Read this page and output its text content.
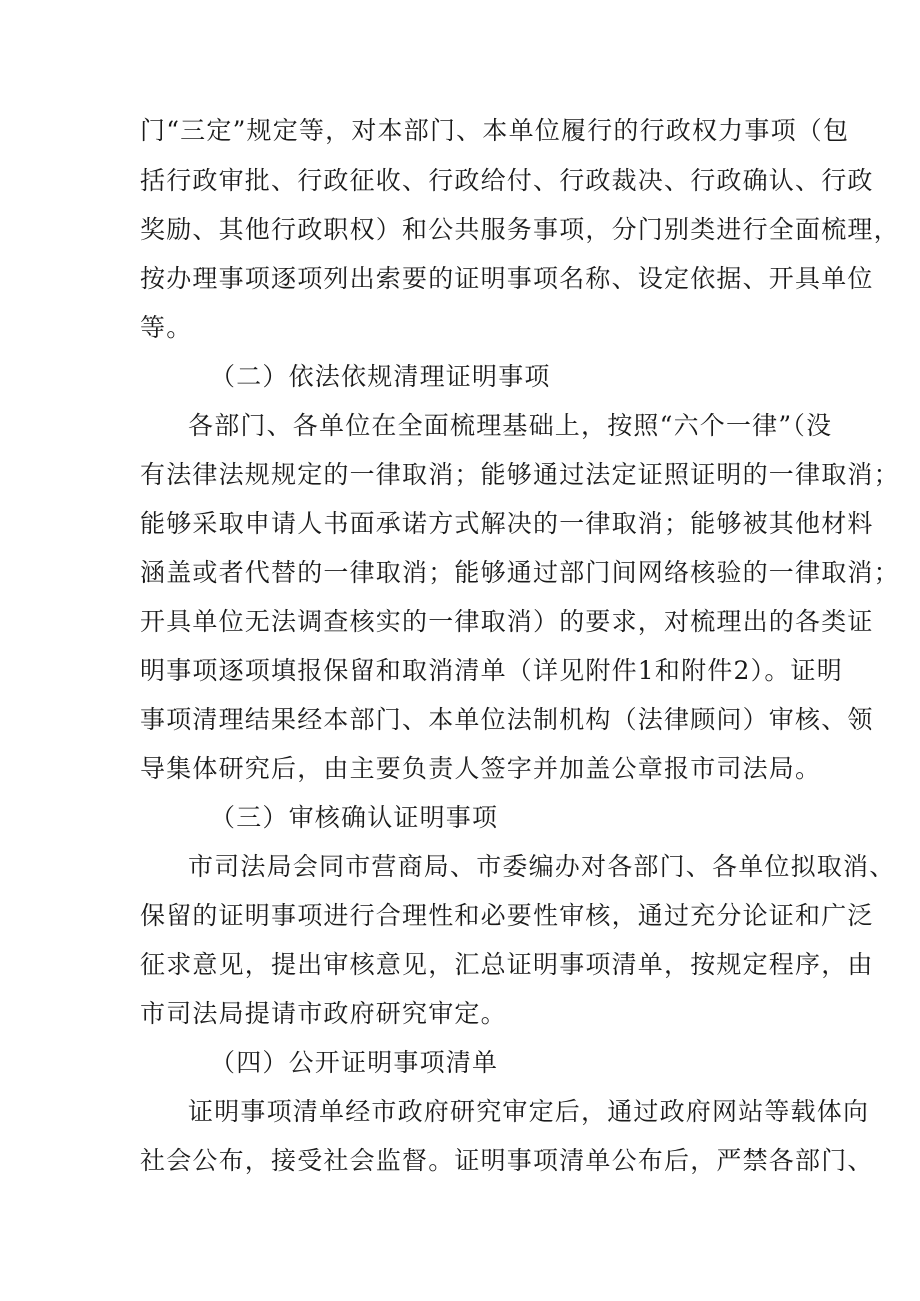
门“三定”规定等，对本部门、本单位履行的行政权力事项（包
括行政审批、行政征收、行政给付、行政裁决、行政确认、行政
奖励、其他行政职权）和公共服务事项，分门别类进行全面梳理，
按办理事项逐项列出索要的证明事项名称、设定依据、开具单位
等。
（二）依法依规清理证明事项
各部门、各单位在全面梳理基础上，按照“六个一律”（没
有法律法规规定的一律取消；能够通过法定证照证明的一律取消；
能够采取申请人书面承诺方式解决的一律取消；能够被其他材料
涵盖或者代替的一律取消；能够通过部门间网络核验的一律取消；
开具单位无法调查核实的一律取消）的要求，对梳理出的各类证
明事项逐项填报保留和取消清单（详见附件1和附件2）。证明
事项清理结果经本部门、本单位法制机构（法律顾问）审核、领
导集体研究后，由主要负责人签字并加盖公章报市司法局。
（三）审核确认证明事项
市司法局会同市营商局、市委编办对各部门、各单位拟取消、
保留的证明事项进行合理性和必要性审核，通过充分论证和广泛
征求意见，提出审核意见，汇总证明事项清单，按规定程序，由
市司法局提请市政府研究审定。
（四）公开证明事项清单
证明事项清单经市政府研究审定后，通过政府网站等载体向
社会公布，接受社会监督。证明事项清单公布后，严禁各部门、
